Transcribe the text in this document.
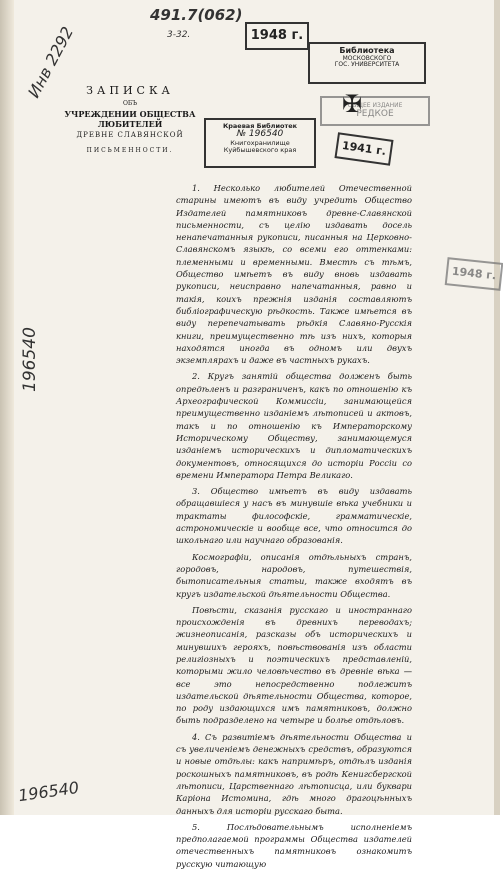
Инв 2292
491.7(062)
3-32.
196540
196540
1948 г.
Библиотека
МОСКОВСКОГО
ГОС. УНИВЕРСИТЕТА
ОБЩЕЕ ИЗДАНИЕ
РЕДКОЕ
✠
Краевая Библиотек
№ 196540
Книгохранилище
Куйбышевского края	1941 г.
1948 г.
ЗАПИСКА
ОБЪ
УЧРЕЖДЕНИИ ОБЩЕСТВА ЛЮБИТЕЛЕЙ
ДРЕВНЕ СЛАВЯНСКОЙ
ПИСЬМЕННОСТИ.

1. Несколько любителей Отечественной старины имеютъ въ виду учредить Общество Издателей памятниковъ древне-Славянской письменности, съ целію издавать досель ненапечатанныя рукописи, писанныя на Церковно-Славянскомъ языкѣ, со всеми его оттенками: племенными и временными. Вместѣ съ тѣмъ, Общество имѣетъ въ виду вновь издавать рукописи, неисправно напечатанныя, равно и такія, коихъ прежнія изданія составляютъ библіографическую рѣдкость. Также имѣется въ виду перепечатывать рѣдкія Славяно-Русскія книги, преимущественно тѣ изъ нихъ, которыя находятся иногда въ одномъ или двухъ экземплярахъ и даже въ частныхъ рукахъ.

2. Кругъ занятій общества долженъ быть опредѣленъ и разграниченъ, какъ по отношенію къ Археографической Коммиссіи, занимающейся преимущественно изданіемъ лѣтописей и актовъ, такъ и по отношенію къ Императорскому Историческому Обществу, занимающемуся изданіемъ историческихъ и дипломатическихъ документовъ, относящихся до исторіи Россіи со времени Императора Петра Великаго.

3. Общество имѣетъ въ виду издавать обращавшіеся у насъ въ минувшіе вѣка учебники и трактаты философскіе, грамматическіе, астрономическіе и вообще все, что относится до школьнаго или научнаго образованія.

Космографіи, описанія отдѣльныхъ странъ, городовъ, народовъ, путешествія, бытописательныя статьи, также входятъ въ кругъ издательской дѣятельности Общества.

Повѣсти, сказанія русскаго и иностраннаго происхожденія въ древнихъ переводахъ; жизнеописанія, разсказы объ историческихъ и минувшихъ герояхъ, повѣствованія изъ области религіозныхъ и поэтическихъ представленій, которыми жило человѣчество въ древніе вѣка — все это непосредственно подлежитъ издательской дѣятельности Общества, которое, по роду издающихся имъ памятниковъ, должно быть подразделено на четыре и болѣе отдѣловъ.

4. Съ развитіемъ дѣятельности Общества и съ увеличеніемъ денежныхъ средствъ, образуются и новые отдѣлы: какъ напримѣръ, отдѣлъ изданія роскошныхъ памятниковъ, въ родѣ Кенигсбергской лѣтописи, Царственнаго лѣтописца, или буквари Каріона Истомина, гдѣ много драгоцѣнныхъ данныхъ для исторіи русскаго быта.

5. Послѣдовательнымъ исполненіемъ предполагаемой программы Общества издателей отечественныхъ памятниковъ ознакомитъ русскую читающую
